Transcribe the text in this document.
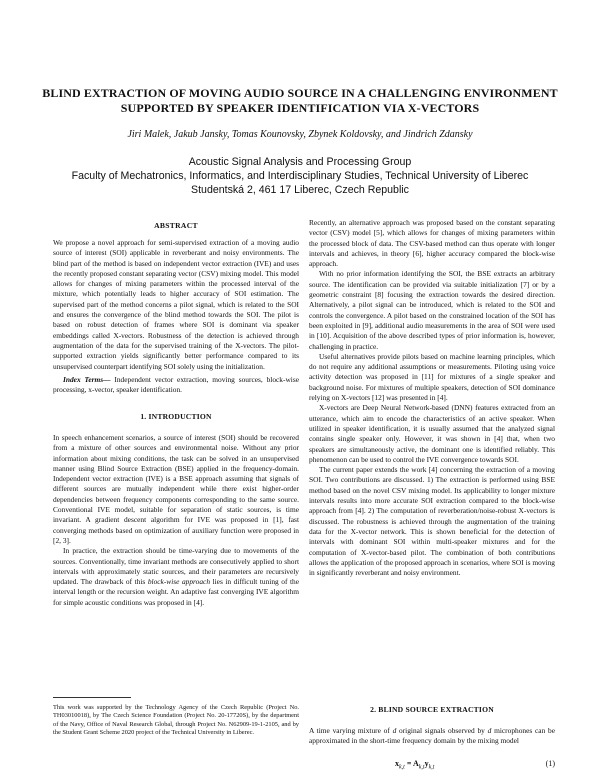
BLIND EXTRACTION OF MOVING AUDIO SOURCE IN A CHALLENGING ENVIRONMENT SUPPORTED BY SPEAKER IDENTIFICATION VIA X-VECTORS
Jiri Malek, Jakub Jansky, Tomas Kounovsky, Zbynek Koldovsky, and Jindrich Zdansky
Acoustic Signal Analysis and Processing Group
Faculty of Mechatronics, Informatics, and Interdisciplinary Studies, Technical University of Liberec
Studentská 2, 461 17 Liberec, Czech Republic
ABSTRACT

We propose a novel approach for semi-supervised extraction of a moving audio source of interest (SOI) applicable in reverberant and noisy environments. The blind part of the method is based on independent vector extraction (IVE) and uses the recently proposed constant separating vector (CSV) mixing model. This model allows for changes of mixing parameters within the processed interval of the mixture, which potentially leads to higher accuracy of SOI estimation. The supervised part of the method concerns a pilot signal, which is related to the SOI and ensures the convergence of the blind method towards the SOI. The pilot is based on robust detection of frames where SOI is dominant via speaker embeddings called X-vectors. Robustness of the detection is achieved through augmentation of the data for the supervised training of the X-vectors. The pilot-supported extraction yields significantly better performance compared to its unsupervised counterpart identifying SOI solely using the initialization.

Index Terms— Independent vector extraction, moving sources, block-wise processing, x-vector, speaker identification.

1. INTRODUCTION

In speech enhancement scenarios, a source of interest (SOI) should be recovered from a mixture of other sources and environmental noise. Without any prior information about mixing conditions, the task can be solved in an unsupervised manner using Blind Source Extraction (BSE) applied in the frequency-domain. Independent vector extraction (IVE) is a BSE approach assuming that signals of different sources are mutually independent while there exist higher-order dependencies between frequency components corresponding to the same source. Conventional IVE model, suitable for separation of static sources, is time invariant. A gradient descent algorithm for IVE was proposed in [1], fast converging methods based on optimization of auxiliary function were proposed in [2, 3].

In practice, the extraction should be time-varying due to movements of the sources. Conventionally, time invariant methods are consecutively applied to short intervals with approximately static sources, and their parameters are recursively updated. The drawback of this block-wise approach lies in difficult tuning of the interval length or the recursion weight. An adaptive fast converging IVE algorithm for simple acoustic conditions was proposed in [4].

This work was supported by the Technology Agency of the Czech Republic (Project No. TH03010018), by The Czech Science Foundation (Project No. 20-17720S), by the department of the Navy, Office of Naval Research Global, through Project No. N62909-19-1-2105, and by the Student Grant Scheme 2020 project of the Technical University in Liberec.

Recently, an alternative approach was proposed based on the constant separating vector (CSV) model [5], which allows for changes of mixing parameters within the processed block of data. The CSV-based method can thus operate with longer intervals and achieves, in theory [6], higher accuracy compared the block-wise approach.

With no prior information identifying the SOI, the BSE extracts an arbitrary source. The identification can be provided via suitable initialization [7] or by a geometric constraint [8] focusing the extraction towards the desired direction. Alternatively, a pilot signal can be introduced, which is related to the SOI and controls the convergence. A pilot based on the constrained location of the SOI has been exploited in [9], additional audio measurements in the area of SOI were used in [10]. Acquisition of the above described types of prior information is, however, challenging in practice.

Useful alternatives provide pilots based on machine learning principles, which do not require any additional assumptions or measurements. Piloting using voice activity detection was proposed in [11] for mixtures of a single speaker and background noise. For mixtures of multiple speakers, detection of SOI dominance relying on X-vectors [12] was presented in [4].

X-vectors are Deep Neural Network-based (DNN) features extracted from an utterance, which aim to encode the characteristics of an active speaker. When utilized in speaker identification, it is usually assumed that the analyzed signal contains single speaker only. However, it was shown in [4] that, when two speakers are simultaneously active, the dominant one is identified reliably. This phenomenon can be used to control the IVE convergence towards SOI.

The current paper extends the work [4] concerning the extraction of a moving SOI. Two contributions are discussed. 1) The extraction is performed using BSE method based on the novel CSV mixing model. Its applicability to longer mixture intervals results into more accurate SOI extraction compared to the block-wise approach from [4]. 2) The computation of reverberation/noise-robust X-vectors is discussed. The robustness is achieved through the augmentation of the training data for the X-vector network. This is shown beneficial for the detection of intervals with dominant SOI within multi-speaker mixtures and for the computation of X-vector-based pilot. The combination of both contributions allows the application of the proposed approach in scenarios, where SOI is moving in significantly reverberant and noisy environment.

2. BLIND SOURCE EXTRACTION

A time varying mixture of d original signals observed by d microphones can be approximated in the short-time frequency domain by the mixing model

$x_{k,t} = A_{k,t}y_{k,t}$	(1)
